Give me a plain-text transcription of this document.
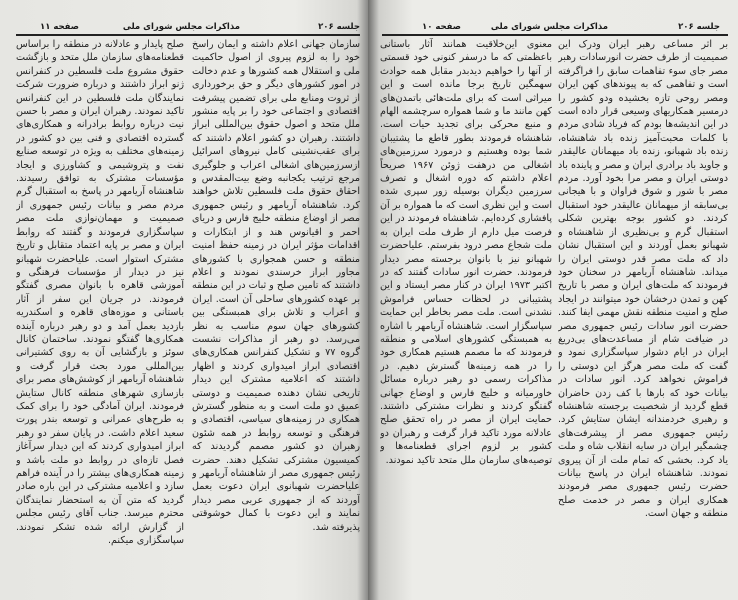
جلسه ۲۰۶
مذاکرات مجلس شورای ملی
صفحه ۱۱

سازمان جهانی اعلام داشته و ایمان راسخ خود را به لزوم پیروی از اصول حاکمیت ملی و استقلال همه کشورها و عدم دخالت در امور کشورهای دیگر و حق برخورداری از ثروت ومنابع ملی برای تضمین پیشرفت اقتصادی و اجتماعی خود را بر پایه منشور ملل متحد و اصول حقوق بین‌المللی ابراز داشتند. رهبران دو کشور اعلام داشتند که برای عقب‌نشینی کامل نیروهای اسرائیل ازسرزمین‌های اشغالی اعراب و جلوگیری مرجع ترتیب یکجانبه وضع بیت‌المقدس و احقاق حقوق ملت فلسطین تلاش خواهند کرد. شاهنشاه آریامهر و رئیس جمهوری مصر از اوضاع منطقه خلیج فارس و دریای احمر و اقیانوس هند و از ابتکارات و اقدامات مؤثر ایران در زمینه حفظ امنیت منطقه و حسن همجواری با کشورهای مجاور ابراز خرسندی نمودند و اعلام داشتند که تامین صلح و ثبات در این منطقه بر عهده کشورهای ساحلی آن است. ایران و اعراب و تلاش برای همبستگی بین کشورهای جهان سوم مناسب به نظر می‌رسد. دو رهبر از مذاکرات نشست گروه ۷۷ و تشکیل کنفرانس همکاری‌های اقتصادی ابراز امیدواری کردند و اظهار داشتند که اعلامیه مشترک این دیدار تاریخی نشان دهنده صمیمیت و دوستی عمیق دو ملت است و به منظور گسترش همکاری در زمینه‌های سیاسی، اقتصادی و فرهنگی و توسعه روابط در همه شئون رهبران دو کشور مصمم گردیدند که کمیسیون مشترکی تشکیل دهند. حضرت رئیس جمهوری مصر از شاهنشاه آریامهر و علیاحضرت شهبانوی ایران دعوت بعمل آوردند که از جمهوری عربی مصر دیدار نمایند و این دعوت با کمال خوشوقتی پذیرفته شد.

صلح پایدار و عادلانه در منطقه را براساس قطعنامه‌های سازمان ملل متحد و بازگشت حقوق مشروع ملت فلسطین در کنفرانس ژنو ابراز داشتند و درباره ضرورت شرکت نمایندگان ملت فلسطین در این کنفرانس تاکید نمودند. رهبران ایران و مصر با حسن نیت درباره روابط برادرانه و همکاری‌های گسترده اقتصادی و فنی بین دو کشور در زمینه‌های مختلف به ویژه در توسعه صنایع نفت و پتروشیمی و کشاورزی و ایجاد مؤسسات مشترک به توافق رسیدند. شاهنشاه آریامهر در پاسخ به استقبال گرم مردم مصر و بیانات رئیس جمهوری از صمیمیت و مهمان‌نوازی ملت مصر سپاسگزاری فرمودند و گفتند که روابط ایران و مصر بر پایه اعتماد متقابل و تاریخ مشترک استوار است. علیاحضرت شهبانو نیز در دیدار از مؤسسات فرهنگی و آموزشی قاهره با بانوان مصری گفتگو فرمودند. در جریان این سفر از آثار باستانی و موزه‌های قاهره و اسکندریه بازدید بعمل آمد و دو رهبر درباره آینده همکاری‌ها گفتگو نمودند. ساختمان کانال سوئز و بازگشایی آن به روی کشتیرانی بین‌المللی مورد بحث قرار گرفت و شاهنشاه آریامهر از کوشش‌های مصر برای بازسازی شهرهای منطقه کانال ستایش فرمودند. ایران آمادگی خود را برای کمک به طرح‌های عمرانی و توسعه بندر پورت سعید اعلام داشت. در پایان سفر دو رهبر ابراز امیدواری کردند که این دیدار سرآغاز فصل تازه‌ای در روابط دو ملت باشد و زمینه همکاری‌های بیشتر را در آینده فراهم سازد و اعلامیه مشترکی در این باره صادر گردید که متن آن به استحضار نمایندگان محترم میرسد. جناب آقای رئیس مجلس از گزارش ارائه شده تشکر نمودند. سپاسگزاری میکنم.

جلسه ۲۰۶
مذاکرات مجلس شورای ملی
صفحه ۱۰

بر اثر مساعی رهبر ایران ودرک این صمیمیت از طرف حضرت انورسادات رهبر مصر جای سوء تفاهمات سابق را فراگرفته است و تفاهمی که به پیوندهای کهن ایران ومصر روحی تازه بخشیده ودو کشور را درمسیر همکاریهای وسیعی قرار داده است در این اندیشه‌ها بودم که فریاد شادی مردم با کلمات محبت‌آمیز زنده باد شاهنشاه، زنده باد شهبانو، زنده باد میهمانان عالیقدر و جاوید باد برادری ایران و مصر و پاینده باد دوستی ایران و مصر مرا بخود آورد. مردم مصر با شور و شوق فراوان و با هیجانی بی‌سابقه از میهمانان عالیقدر خود استقبال کردند. دو کشور بوجه بهترین شکلی استقبال گرم و بی‌نظیری از شاهنشاه و شهبانو بعمل آوردند و این استقبال نشان داد که ملت مصر قدر دوستی ایران را میداند. شاهنشاه آریامهر در سخنان خود فرمودند که ملت‌های ایران و مصر با تاریخ کهن و تمدن درخشان خود میتوانند در ایجاد صلح و امنیت منطقه نقش مهمی ایفا کنند. حضرت انور سادات رئیس جمهوری مصر در ضیافت شام از مساعدت‌های بی‌دریغ ایران در ایام دشوار سپاسگزاری نمود و گفت که ملت مصر هرگز این دوستی را فراموش نخواهد کرد. انور سادات در بیانات خود که بارها با کف زدن حاضران قطع گردید از شخصیت برجسته شاهنشاه و رهبری خردمندانه ایشان ستایش کرد. رئیس جمهوری مصر از پیشرفت‌های چشمگیر ایران در سایه انقلاب شاه و ملت یاد کرد. بخشی که تمام ملت از آن پیروی نمودند. شاهنشاه ایران در پاسخ بیانات حضرت رئیس جمهوری مصر فرمودند همکاری ایران و مصر در خدمت صلح منطقه و جهان است.

معنوی این‌خلاقیت همانند آثار باستانی باعظمتی که ما درسفر کنونی خود قسمتی از آنها را خواهیم دیدبدر مقابل همه حوادث سهمگین تاریخ برجا مانده است و این میراثی است که برای ملت‌هائی باتمدن‌های کهن مانند ما و شما همواره سرچشمه الهام و منبع محرکی برای تجدید حیات است. شاهنشاه فرمودند بطور قاطع ما پشتیبان شما بوده وهستیم و درمورد سرزمین‌های اشغالی من درهفت ژوئن ۱۹۶۷ صریحاً اعلام داشتم که دوره اشغال و تصرف سرزمین دیگران بوسیله زور سپری شده است و این نظری است که ما همواره بر آن پافشاری کرده‌ایم. شاهنشاه فرمودند در این فرصت میل دارم از طرف ملت ایران به ملت شجاع مصر درود بفرستم. علیاحضرت شهبانو نیز با بانوان برجسته مصر دیدار فرمودند. حضرت انور سادات گفتند که در اکتبر ۱۹۷۳ ایران در کنار مصر ایستاد و این پشتیبانی در لحظات حساس فراموش نشدنی است. ملت مصر بخاطر این حمایت سپاسگزار است. شاهنشاه آریامهر با اشاره به همبستگی کشورهای اسلامی و منطقه فرمودند که ما مصمم هستیم همکاری خود را در همه زمینه‌ها گسترش دهیم. در مذاکرات رسمی دو رهبر درباره مسائل خاورمیانه و خلیج فارس و اوضاع جهانی گفتگو کردند و نظرات مشترکی داشتند. حمایت ایران از مصر در راه تحقق صلح عادلانه مورد تاکید قرار گرفت و رهبران دو کشور بر لزوم اجرای قطعنامه‌ها و توصیه‌های سازمان ملل متحد تاکید نمودند.
